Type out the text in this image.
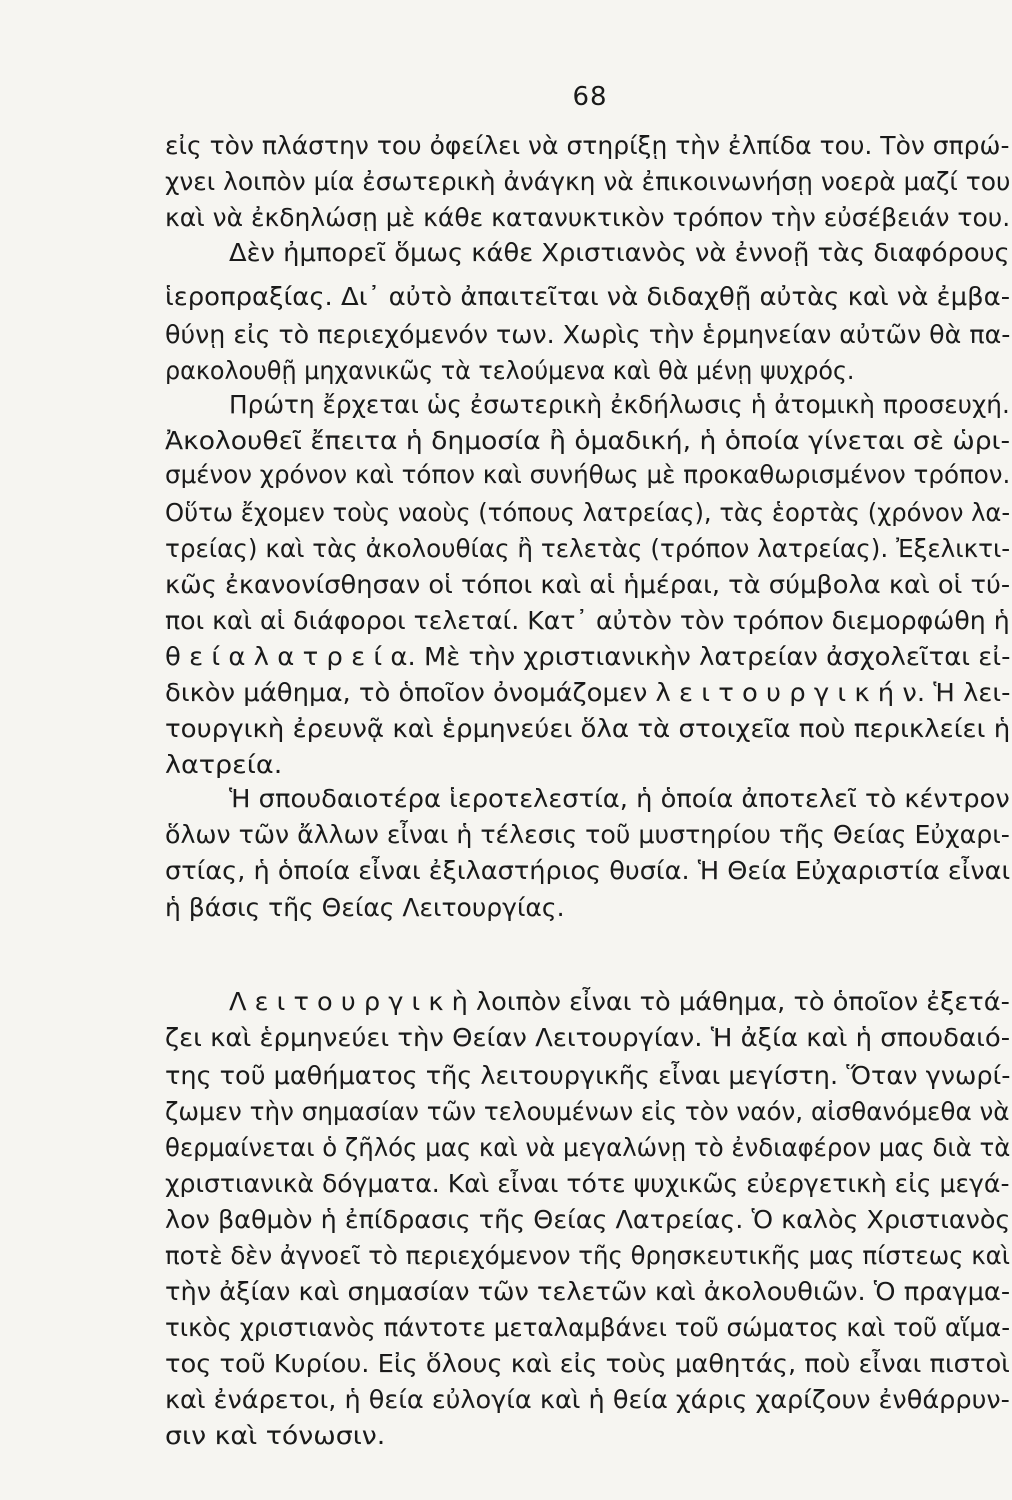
68
εἰς τὸν πλάστην του ὀφείλει νὰ στηρίξῃ τὴν ἐλπίδα του. Τὸν σπρώ-
χνει λοιπὸν μία ἐσωτερικὴ ἀνάγκη νὰ ἐπικοινωνήσῃ νοερὰ μαζί του
καὶ νὰ ἐκδηλώσῃ μὲ κάθε κατανυκτικὸν τρόπον τὴν εὐσέβειάν του.
Δὲν ἠμπορεῖ ὅμως κάθε Χριστιανὸς νὰ ἐννοῇ τὰς διαφόρους
ἱεροπραξίας. Δι᾽ αὐτὸ ἀπαιτεῖται νὰ διδαχθῇ αὐτὰς καὶ νὰ ἐμβα-
θύνῃ εἰς τὸ περιεχόμενόν των. Χωρὶς τὴν ἑρμηνείαν αὐτῶν θὰ πα-
ρακολουθῇ μηχανικῶς τὰ τελούμενα καὶ θὰ μένῃ ψυχρός.
Πρώτη ἔρχεται ὡς ἐσωτερικὴ ἐκδήλωσις ἡ ἀτομικὴ προσευχή.
Ἀκολουθεῖ ἔπειτα ἡ δημοσία ἢ ὁμαδική, ἡ ὁποία γίνεται σὲ ὡρι-
σμένον χρόνον καὶ τόπον καὶ συνήθως μὲ προκαθωρισμένον τρόπον.
Οὕτω ἔχομεν τοὺς ναοὺς (τόπους λατρείας), τὰς ἑορτὰς (χρόνον λα-
τρείας) καὶ τὰς ἀκολουθίας ἢ τελετὰς (τρόπον λατρείας). Ἐξελικτι-
κῶς ἐκανονίσθησαν οἱ τόποι καὶ αἱ ἡμέραι, τὰ σύμβολα καὶ οἱ τύ-
ποι καὶ αἱ διάφοροι τελεταί. Κατ᾽ αὐτὸν τὸν τρόπον διεμορφώθη ἡ
θ ε ί α λ α τ ρ ε ί α. Μὲ τὴν χριστιανικὴν λατρείαν ἀσχολεῖται εἰ-
δικὸν μάθημα, τὸ ὁποῖον ὀνομάζομεν λ ε ι τ ο υ ρ γ ι κ ή ν. Ἡ λει-
τουργικὴ ἐρευνᾷ καὶ ἑρμηνεύει ὅλα τὰ στοιχεῖα ποὺ περικλείει ἡ
λατρεία.
Ἡ σπουδαιοτέρα ἱεροτελεστία, ἡ ὁποία ἀποτελεῖ τὸ κέντρον
ὅλων τῶν ἄλλων εἶναι ἡ τέλεσις τοῦ μυστηρίου τῆς Θείας Εὐχαρι-
στίας, ἡ ὁποία εἶναι ἐξιλαστήριος θυσία. Ἡ Θεία Εὐχαριστία εἶναι
ἡ βάσις τῆς Θείας Λειτουργίας.
Λ ε ι τ ο υ ρ γ ι κ ὴ λοιπὸν εἶναι τὸ μάθημα, τὸ ὁποῖον ἐξετά-
ζει καὶ ἑρμηνεύει τὴν Θείαν Λειτουργίαν. Ἡ ἀξία καὶ ἡ σπουδαιό-
της τοῦ μαθήματος τῆς λειτουργικῆς εἶναι μεγίστη. Ὅταν γνωρί-
ζωμεν τὴν σημασίαν τῶν τελουμένων εἰς τὸν ναόν, αἰσθανόμεθα νὰ
θερμαίνεται ὁ ζῆλός μας καὶ νὰ μεγαλώνῃ τὸ ἐνδιαφέρον μας διὰ τὰ
χριστιανικὰ δόγματα. Καὶ εἶναι τότε ψυχικῶς εὐεργετικὴ εἰς μεγά-
λον βαθμὸν ἡ ἐπίδρασις τῆς Θείας Λατρείας. Ὁ καλὸς Χριστιανὸς
ποτὲ δὲν ἀγνοεῖ τὸ περιεχόμενον τῆς θρησκευτικῆς μας πίστεως καὶ
τὴν ἀξίαν καὶ σημασίαν τῶν τελετῶν καὶ ἀκολουθιῶν. Ὁ πραγμα-
τικὸς χριστιανὸς πάντοτε μεταλαμβάνει τοῦ σώματος καὶ τοῦ αἵμα-
τος τοῦ Κυρίου. Εἰς ὅλους καὶ εἰς τοὺς μαθητάς, ποὺ εἶναι πιστοὶ
καὶ ἐνάρετοι, ἡ θεία εὐλογία καὶ ἡ θεία χάρις χαρίζουν ἐνθάρρυν-
σιν καὶ τόνωσιν.
